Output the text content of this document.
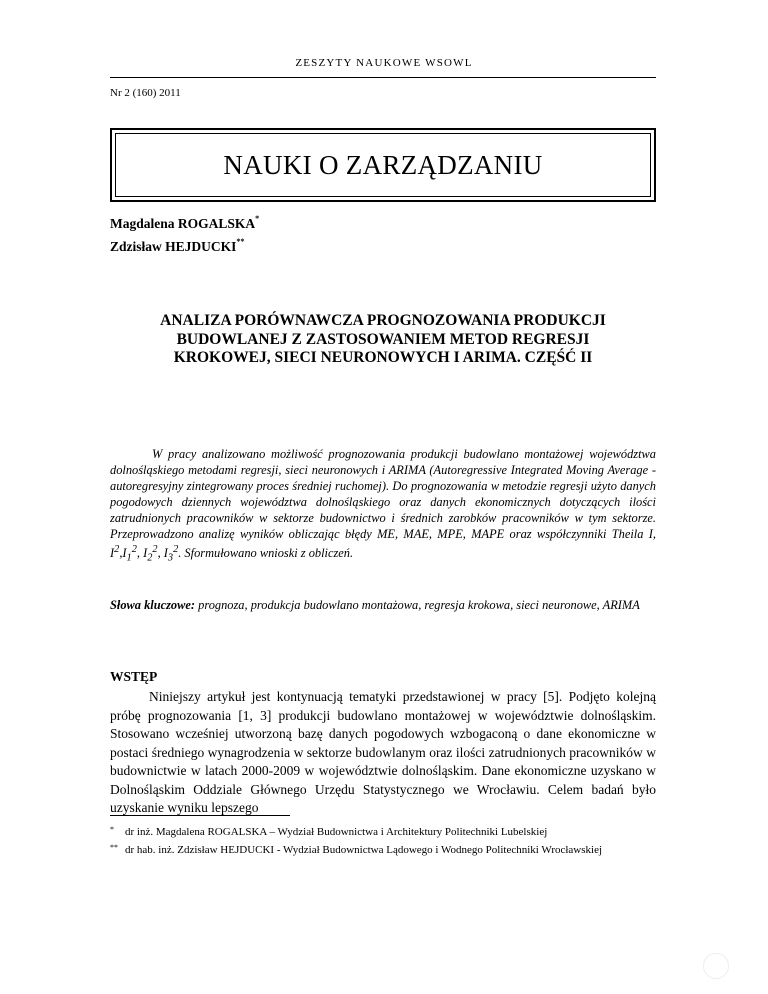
ZESZYTY NAUKOWE WSOWL
Nr 2 (160) 2011
NAUKI O ZARZĄDZANIU
Magdalena ROGALSKA*
Zdzisław HEJDUCKI**
ANALIZA PORÓWNAWCZA PROGNOZOWANIA PRODUKCJI
BUDOWLANEJ Z ZASTOSOWANIEM METOD REGRESJI
KROKOWEJ, SIECI NEURONOWYCH I ARIMA. CZĘŚĆ II
W pracy analizowano możliwość prognozowania produkcji budowlano montażowej województwa dolnośląskiego metodami regresji, sieci neuronowych i ARIMA (Autoregressive Integrated Moving Average - autoregresyjny zintegrowany proces średniej ruchomej). Do prognozowania w metodzie regresji użyto danych pogodowych dziennych województwa dolnośląskiego oraz danych ekonomicznych dotyczących ilości zatrudnionych pracowników w sektorze budownictwo i średnich zarobków pracowników w tym sektorze. Przeprowadzono analizę wyników obliczając błędy ME, MAE, MPE, MAPE oraz współczynniki Theila I, $I^2,I_1^2$, $I_2^2$, $I_3^2$. Sformułowano wnioski z obliczeń.
Słowa kluczowe: prognoza, produkcja budowlano montażowa, regresja krokowa, sieci neuronowe, ARIMA
WSTĘP
Niniejszy artykuł jest kontynuacją tematyki przedstawionej w pracy [5]. Podjęto kolejną próbę prognozowania [1, 3] produkcji budowlano montażowej w województwie dolnośląskim. Stosowano wcześniej utworzoną bazę danych pogodowych wzbogaconą o dane ekonomiczne w postaci średniego wynagrodzenia w sektorze budowlanym oraz ilości zatrudnionych pracowników w budownictwie w latach 2000-2009 w województwie dolnośląskim. Dane ekonomiczne uzyskano w Dolnośląskim Oddziale Głównego Urzędu Statystycznego we Wrocławiu. Celem badań było uzyskanie wyniku lepszego
* dr inż. Magdalena ROGALSKA – Wydział Budownictwa i Architektury Politechniki Lubelskiej
** dr hab. inż. Zdzisław HEJDUCKI - Wydział Budownictwa Lądowego i Wodnego Politechniki Wrocławskiej
